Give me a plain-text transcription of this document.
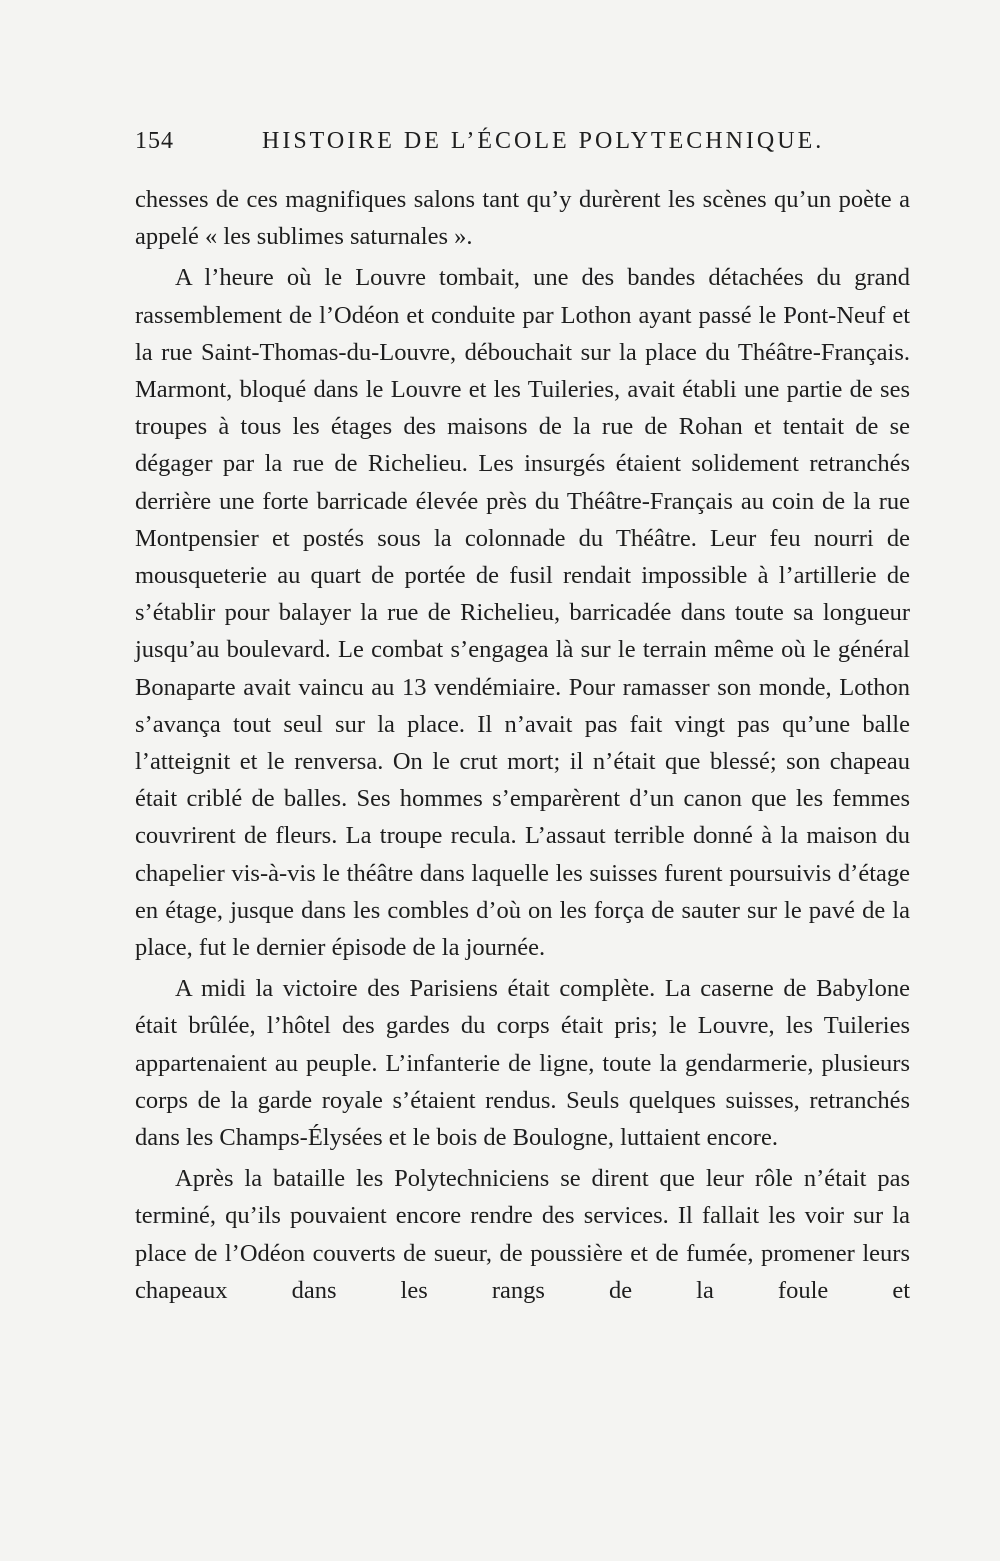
154	HISTOIRE DE L’ÉCOLE POLYTECHNIQUE.

chesses de ces magnifiques salons tant qu’y durèrent les scènes qu’un poète a appelé « les sublimes saturnales ».

A l’heure où le Louvre tombait, une des bandes détachées du grand rassemblement de l’Odéon et conduite par Lothon ayant passé le Pont-Neuf et la rue Saint-Thomas-du-Louvre, débouchait sur la place du Théâtre-Français. Marmont, bloqué dans le Louvre et les Tuileries, avait établi une partie de ses troupes à tous les étages des maisons de la rue de Rohan et tentait de se dégager par la rue de Richelieu. Les insurgés étaient solidement retranchés derrière une forte barricade élevée près du Théâtre-Français au coin de la rue Montpensier et postés sous la colonnade du Théâtre. Leur feu nourri de mousqueterie au quart de portée de fusil rendait impossible à l’artillerie de s’établir pour balayer la rue de Richelieu, barricadée dans toute sa longueur jusqu’au boulevard. Le combat s’engagea là sur le terrain même où le général Bonaparte avait vaincu au 13 vendémiaire. Pour ramasser son monde, Lothon s’avança tout seul sur la place. Il n’avait pas fait vingt pas qu’une balle l’atteignit et le renversa. On le crut mort; il n’était que blessé; son chapeau était criblé de balles. Ses hommes s’emparèrent d’un canon que les femmes couvrirent de fleurs. La troupe recula. L’assaut terrible donné à la maison du chapelier vis-à-vis le théâtre dans laquelle les suisses furent poursuivis d’étage en étage, jusque dans les combles d’où on les força de sauter sur le pavé de la place, fut le dernier épisode de la journée.

A midi la victoire des Parisiens était complète. La caserne de Babylone était brûlée, l’hôtel des gardes du corps était pris; le Louvre, les Tuileries appartenaient au peuple. L’infanterie de ligne, toute la gendarmerie, plusieurs corps de la garde royale s’étaient rendus. Seuls quelques suisses, retranchés dans les Champs-Élysées et le bois de Boulogne, luttaient encore.

Après la bataille les Polytechniciens se dirent que leur rôle n’était pas terminé, qu’ils pouvaient encore rendre des services. Il fallait les voir sur la place de l’Odéon couverts de sueur, de poussière et de fumée, promener leurs chapeaux dans les rangs de la foule et
